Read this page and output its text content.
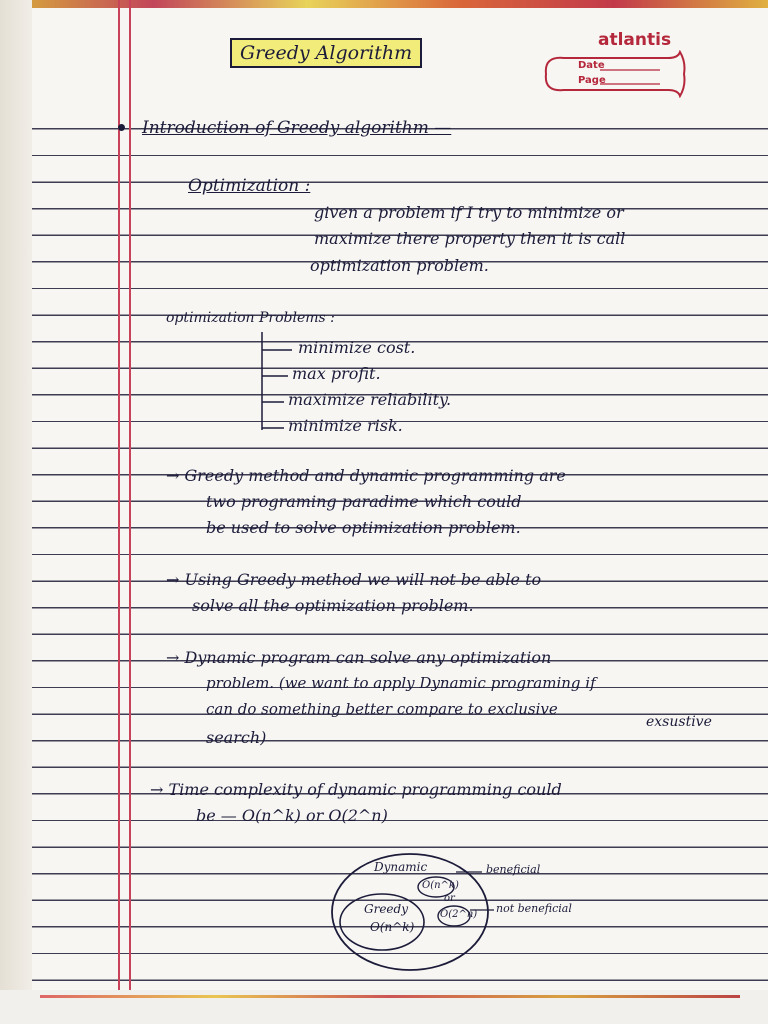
Greedy Algorithm
atlantis
Date
Page
Introduction of Greedy algorithm —
Optimization :
given a problem if I try to minimize or
maximize there property then it is call
optimization problem.
optimization Problems :
minimize cost.
max profit.
maximize reliability.
minimize risk.
→ Greedy method and dynamic programming are
two programing paradime which could
be used to solve optimization problem.
→ Using Greedy method we will not be able to
solve all the optimization problem.
→ Dynamic program can solve any optimization
problem. (we want to apply Dynamic programing if
can do something better compare to exclusive
exsustive
search)
→ Time complexity of dynamic programming could
be — O(n^k) or O(2^n)
Dynamic	beneficial
O(n^k)
or
O(2^n) not beneficial
Greedy
O(n^k)
